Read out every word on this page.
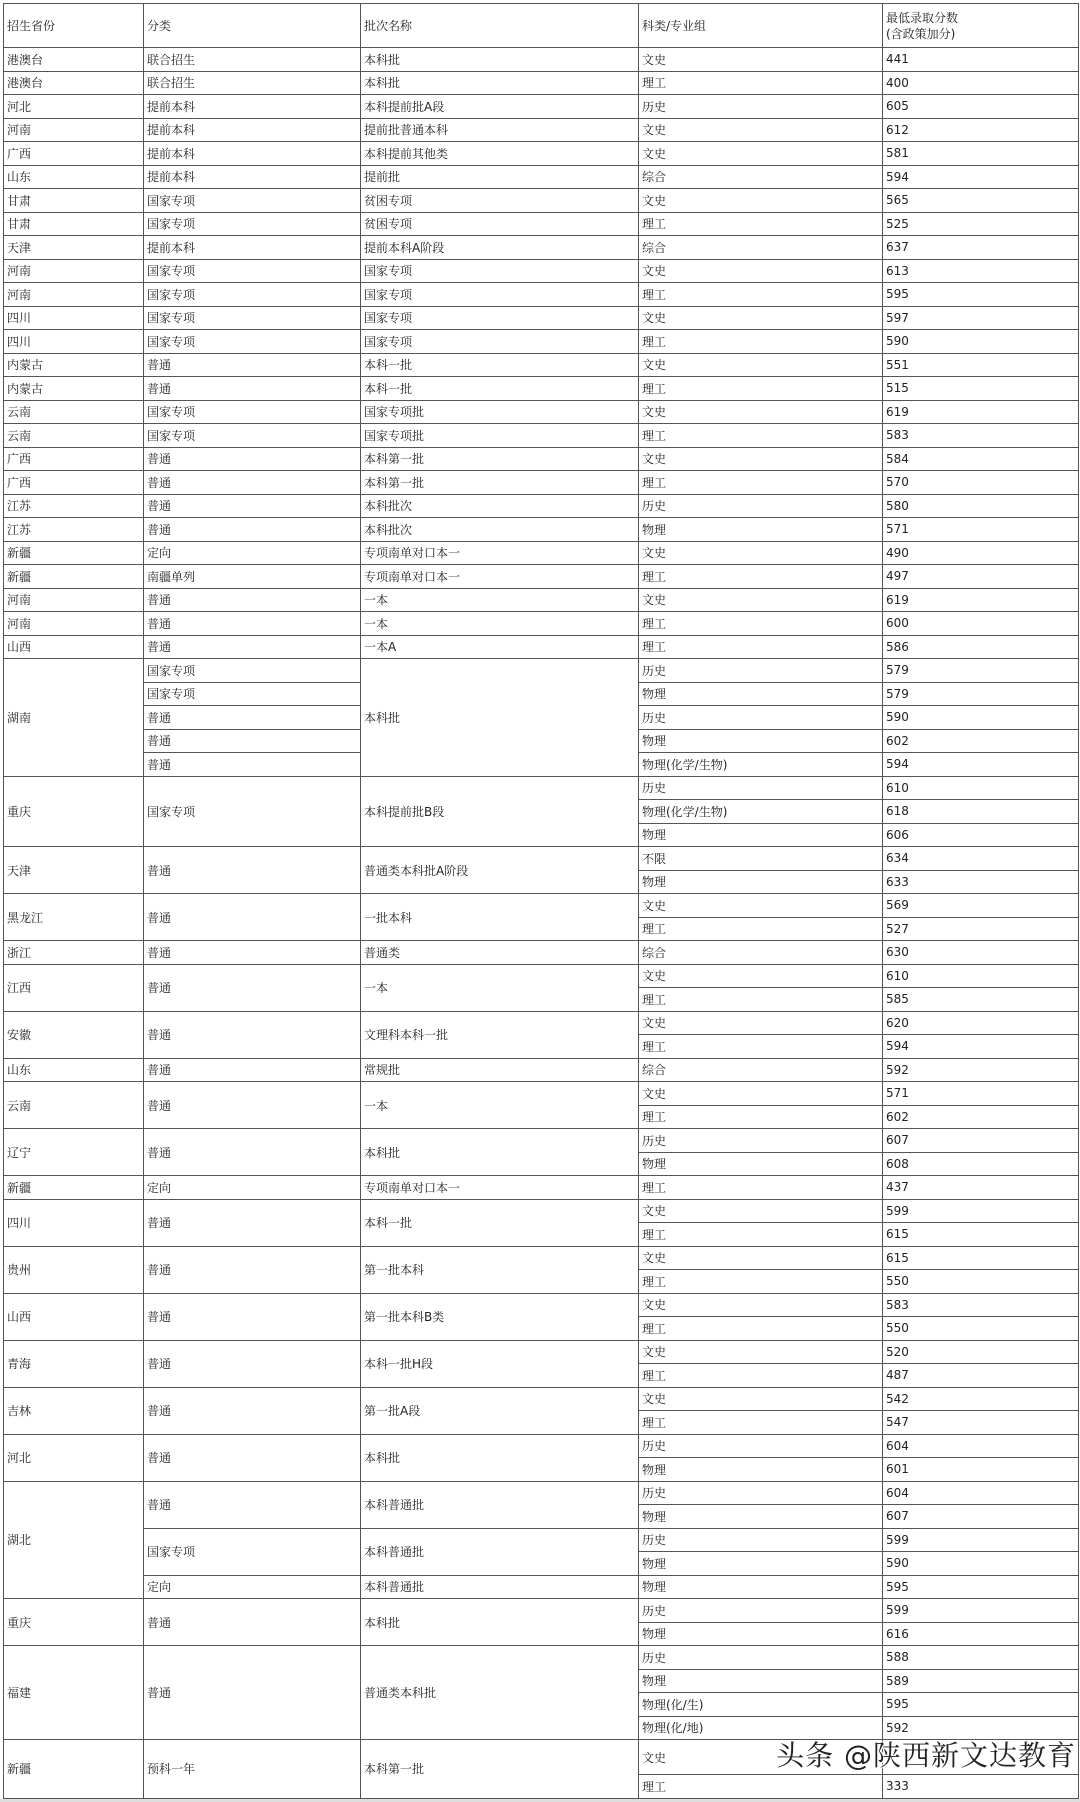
招生省份	分类	批次名称	科类/专业组	最低录取分数
(含政策加分)

港澳台	联合招生	本科批	文史	441
港澳台	联合招生	本科批	理工	400
河北	提前本科	本科提前批A段	历史	605
河南	提前本科	提前批普通本科	文史	612
广西	提前本科	本科提前其他类	文史	581
山东	提前本科	提前批	综合	594
甘肃	国家专项	贫困专项	文史	565
甘肃	国家专项	贫困专项	理工	525
天津	提前本科	提前本科A阶段	综合	637
河南	国家专项	国家专项	文史	613
河南	国家专项	国家专项	理工	595
四川	国家专项	国家专项	文史	597
四川	国家专项	国家专项	理工	590
内蒙古	普通	本科一批	文史	551
内蒙古	普通	本科一批	理工	515
云南	国家专项	国家专项批	文史	619
云南	国家专项	国家专项批	理工	583
广西	普通	本科第一批	文史	584
广西	普通	本科第一批	理工	570
江苏	普通	本科批次	历史	580
江苏	普通	本科批次	物理	571
新疆	定向	专项南单对口本一	文史	490
新疆	南疆单列	专项南单对口本一	理工	497
河南	普通	一本	文史	619
河南	普通	一本	理工	600
山西	普通	一本A	理工	586
湖南	国家专项	本科批	历史	579
	国家专项		物理	579
	普通		历史	590
	普通		物理	602
	普通		物理(化学/生物)	594
重庆	国家专项	本科提前批B段	历史	610
			物理(化学/生物)	618
			物理	606
天津	普通	普通类本科批A阶段	不限	634
			物理	633
黑龙江	普通	一批本科	文史	569
			理工	527
浙江	普通	普通类	综合	630
江西	普通	一本	文史	610
			理工	585
安徽	普通	文理科本科一批	文史	620
			理工	594
山东	普通	常规批	综合	592
云南	普通	一本	文史	571
			理工	602
辽宁	普通	本科批	历史	607
			物理	608
新疆	定向	专项南单对口本一	理工	437
四川	普通	本科一批	文史	599
			理工	615
贵州	普通	第一批本科	文史	615
			理工	550
山西	普通	第一批本科B类	文史	583
			理工	550
青海	普通	本科一批H段	文史	520
			理工	487
吉林	普通	第一批A段	文史	542
			理工	547
河北	普通	本科批	历史	604
			物理	601
湖北	普通	本科普通批	历史	604
			物理	607
	国家专项	本科普通批	历史	599
			物理	590
	定向	本科普通批	物理	595
重庆	普通	本科批	历史	599
			物理	616
福建	普通	普通类本科批	历史	588
			物理	589
			物理(化/生)	595
			物理(化/地)	592
新疆	预科一年	本科第一批	文史	头条 @陕西新文达教育

			理工	333
